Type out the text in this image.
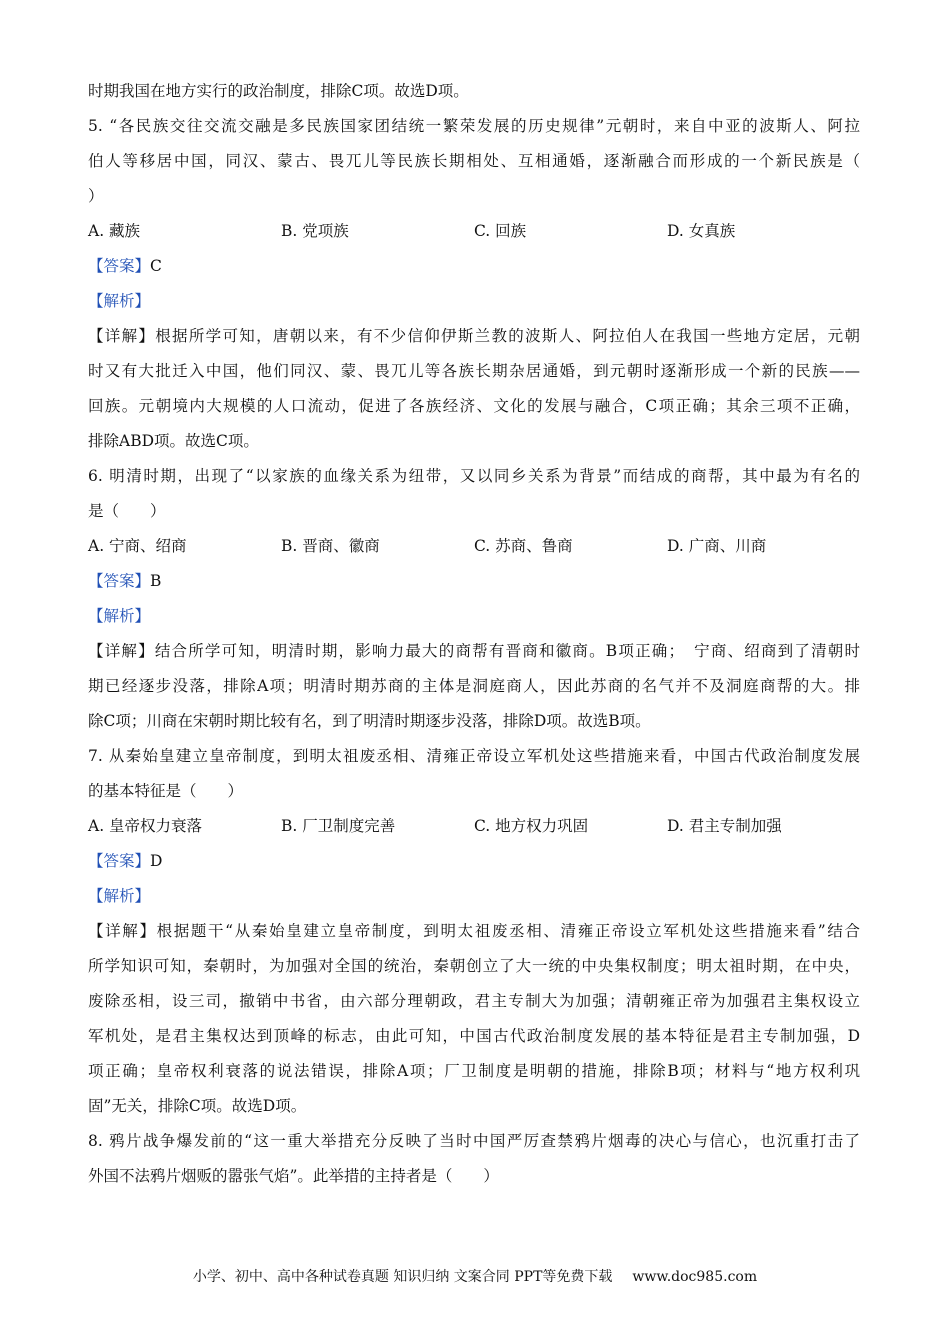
时期我国在地方实行的政治制度，排除C项。故选D项。
5. “各民族交往交流交融是多民族国家团结统一繁荣发展的历史规律”元朝时，来自中亚的波斯人、阿拉
伯人等移居中国，同汉、蒙古、畏兀儿等民族长期相处、互相通婚，逐渐融合而形成的一个新民族是（
）
A. 藏族	B. 党项族	C. 回族	D. 女真族
【答案】C
【解析】
【详解】根据所学可知，唐朝以来，有不少信仰伊斯兰教的波斯人、阿拉伯人在我国一些地方定居，元朝
时又有大批迁入中国，他们同汉、蒙、畏兀儿等各族长期杂居通婚，到元朝时逐渐形成一个新的民族——
回族。元朝境内大规模的人口流动，促进了各族经济、文化的发展与融合，C项正确；其余三项不正确，
排除ABD项。故选C项。
6. 明清时期，出现了“以家族的血缘关系为纽带，又以同乡关系为背景”而结成的商帮，其中最为有名的
是（　　）
A. 宁商、绍商	B. 晋商、徽商	C. 苏商、鲁商	D. 广商、川商
【答案】B
【解析】
【详解】结合所学可知，明清时期，影响力最大的商帮有晋商和徽商。B项正确；　宁商、绍商到了清朝时
期已经逐步没落，排除A项；明清时期苏商的主体是洞庭商人，因此苏商的名气并不及洞庭商帮的大。排
除C项；川商在宋朝时期比较有名，到了明清时期逐步没落，排除D项。故选B项。
7. 从秦始皇建立皇帝制度，到明太祖废丞相、清雍正帝设立军机处这些措施来看，中国古代政治制度发展
的基本特征是（　　）
A. 皇帝权力衰落	B. 厂卫制度完善	C. 地方权力巩固	D. 君主专制加强
【答案】D
【解析】
【详解】根据题干“从秦始皇建立皇帝制度，到明太祖废丞相、清雍正帝设立军机处这些措施来看”结合
所学知识可知，秦朝时，为加强对全国的统治，秦朝创立了大一统的中央集权制度；明太祖时期，在中央，
废除丞相，设三司，撤销中书省，由六部分理朝政，君主专制大为加强；清朝雍正帝为加强君主集权设立
军机处，是君主集权达到顶峰的标志，由此可知，中国古代政治制度发展的基本特征是君主专制加强，D
项正确；皇帝权利衰落的说法错误，排除A项；厂卫制度是明朝的措施，排除B项；材料与“地方权利巩
固”无关，排除C项。故选D项。
8. 鸦片战争爆发前的“这一重大举措充分反映了当时中国严厉查禁鸦片烟毒的决心与信心，也沉重打击了
外国不法鸦片烟贩的嚣张气焰”。此举措的主持者是（　　）
小学、初中、高中各种试卷真题 知识归纳 文案合同 PPT等免费下载 www.doc985.com
